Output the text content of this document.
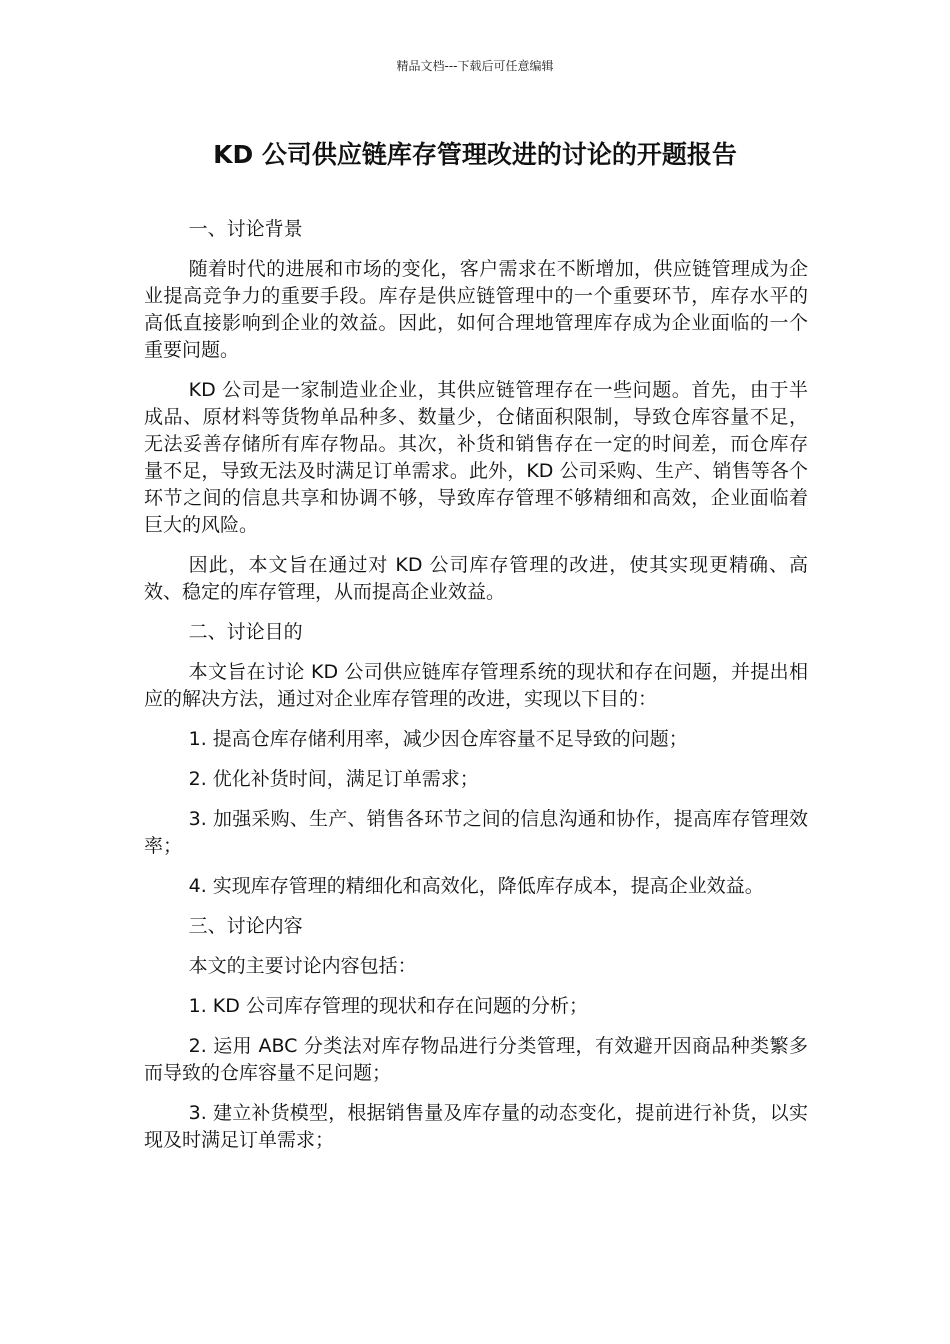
精品文档---下载后可任意编辑
KD 公司供应链库存管理改进的讨论的开题报告

一、讨论背景

随着时代的进展和市场的变化，客户需求在不断增加，供应链管理成为企业提高竞争力的重要手段。库存是供应链管理中的一个重要环节，库存水平的高低直接影响到企业的效益。因此，如何合理地管理库存成为企业面临的一个重要问题。

KD 公司是一家制造业企业，其供应链管理存在一些问题。首先，由于半成品、原材料等货物单品种多、数量少，仓储面积限制，导致仓库容量不足，无法妥善存储所有库存物品。其次，补货和销售存在一定的时间差，而仓库存量不足，导致无法及时满足订单需求。此外，KD 公司采购、生产、销售等各个环节之间的信息共享和协调不够，导致库存管理不够精细和高效，企业面临着巨大的风险。

因此，本文旨在通过对 KD 公司库存管理的改进，使其实现更精确、高效、稳定的库存管理，从而提高企业效益。

二、讨论目的

本文旨在讨论 KD 公司供应链库存管理系统的现状和存在问题，并提出相应的解决方法，通过对企业库存管理的改进，实现以下目的：

1. 提高仓库存储利用率，减少因仓库容量不足导致的问题；

2. 优化补货时间，满足订单需求；

3. 加强采购、生产、销售各环节之间的信息沟通和协作，提高库存管理效率；

4. 实现库存管理的精细化和高效化，降低库存成本，提高企业效益。

三、讨论内容

本文的主要讨论内容包括：

1. KD 公司库存管理的现状和存在问题的分析；

2. 运用 ABC 分类法对库存物品进行分类管理，有效避开因商品种类繁多而导致的仓库容量不足问题；

3. 建立补货模型，根据销售量及库存量的动态变化，提前进行补货，以实现及时满足订单需求；
